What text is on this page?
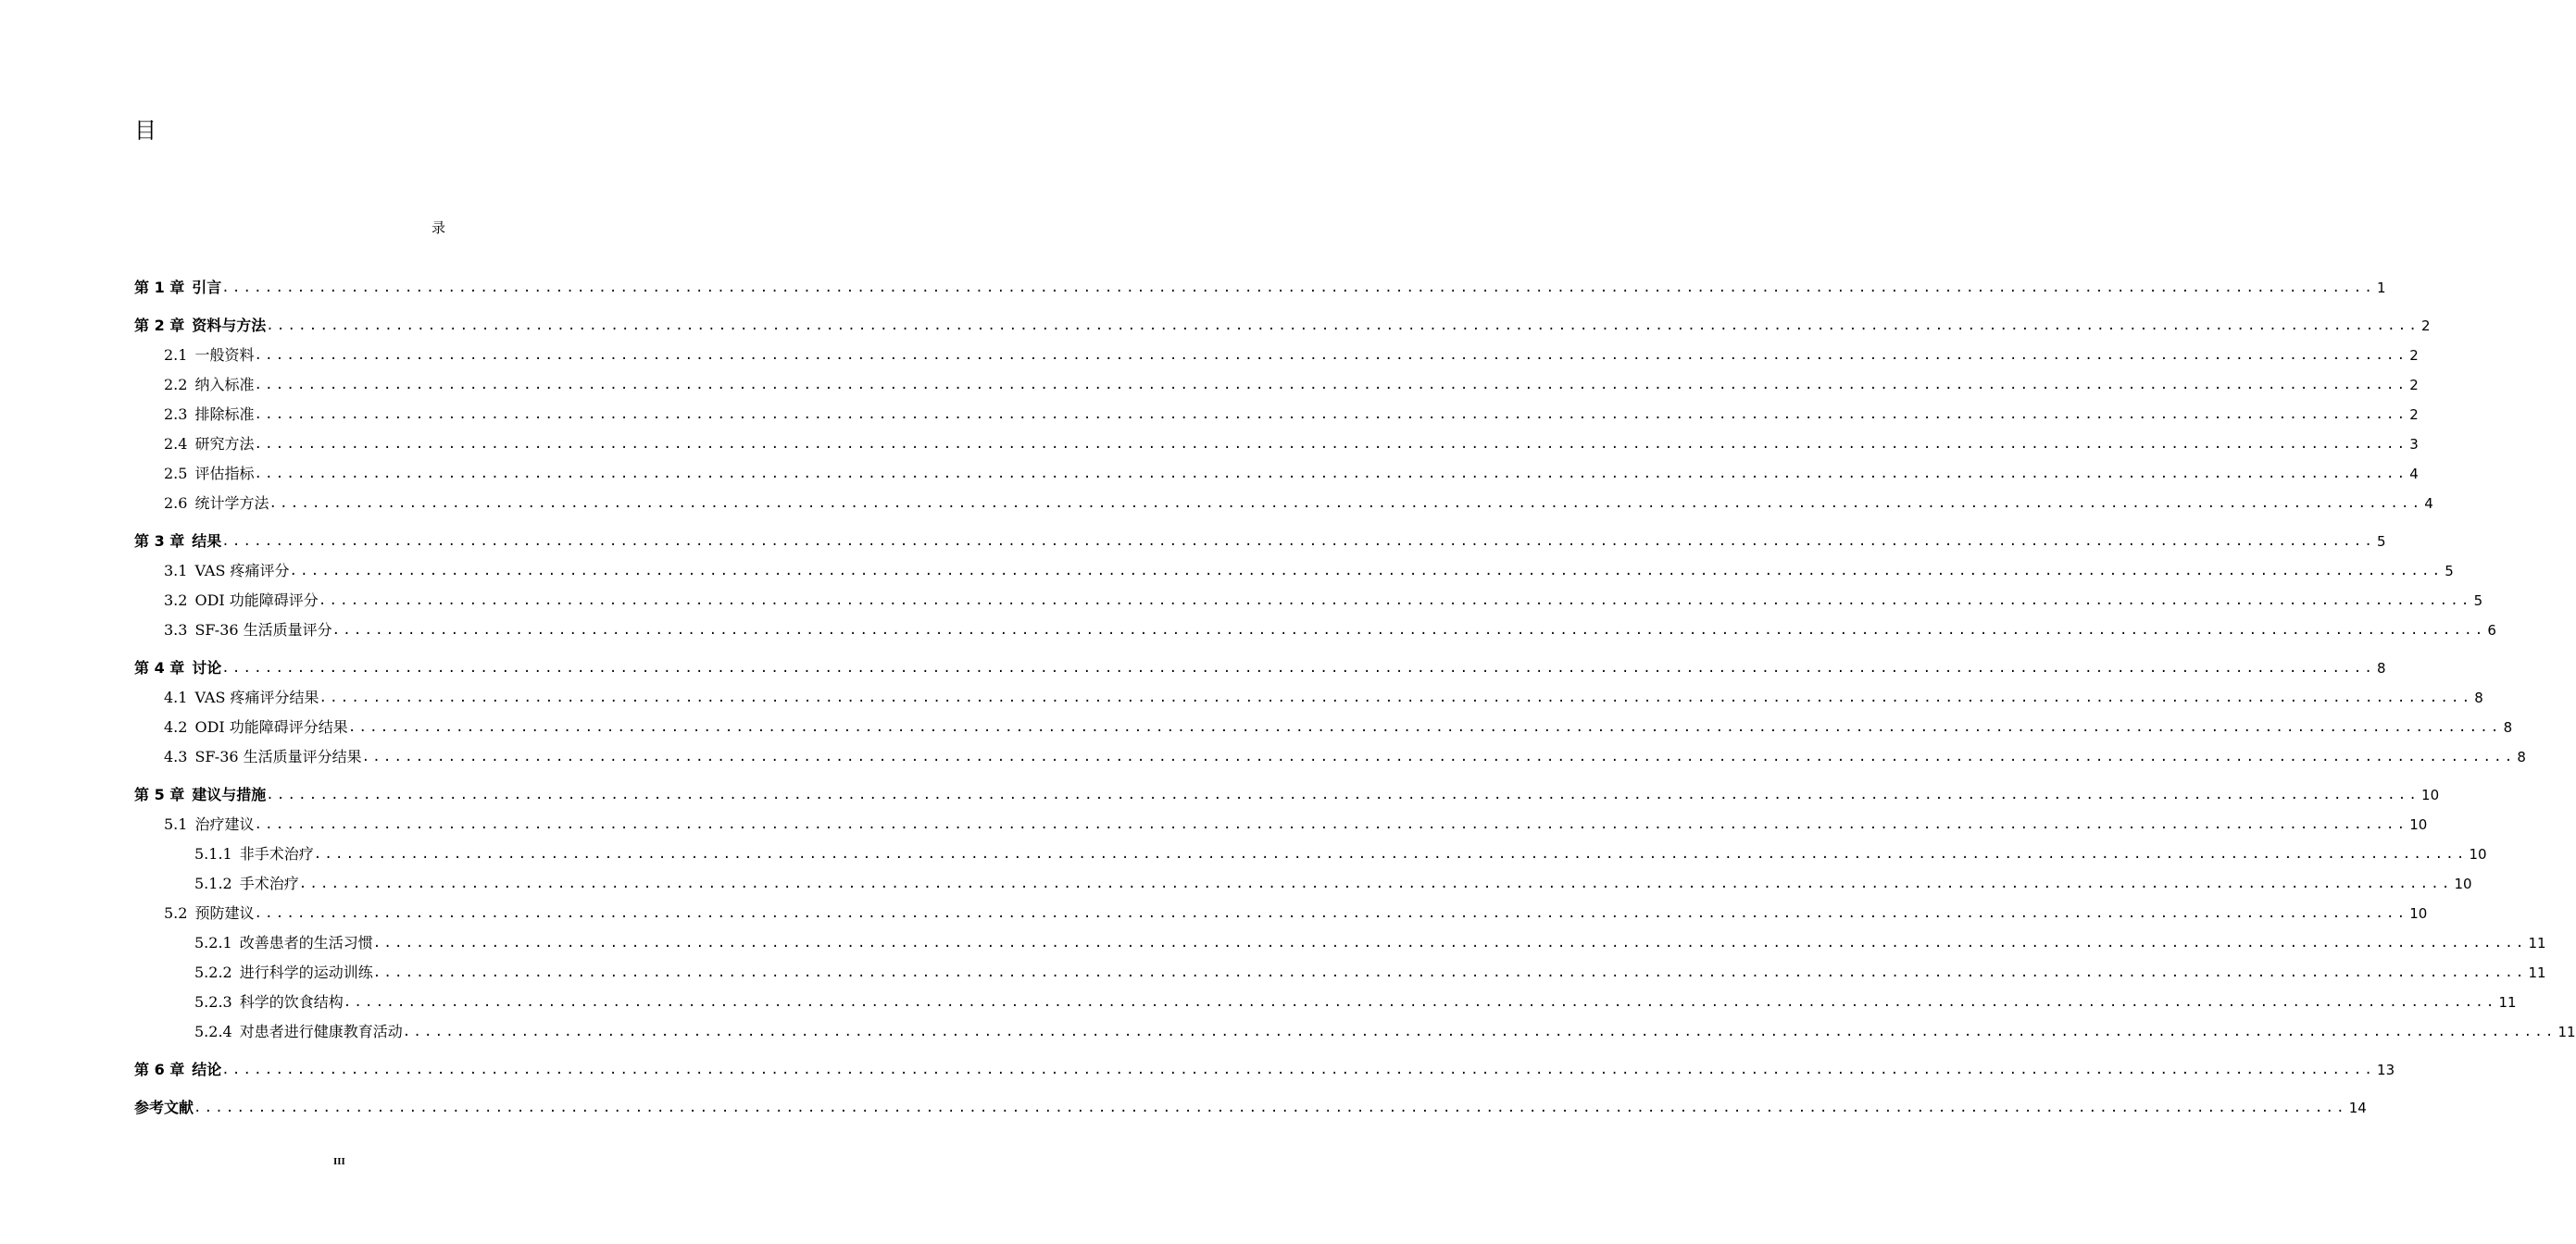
目
录
第 1 章 引言 ........................................................................................................................................................................................................ 1
第 2 章 资料与方法 ........................................................................................................................................................................................................ 2
2.1 一般资料 ........................................................................................................................................................................................................ 2
2.2 纳入标准 ........................................................................................................................................................................................................ 2
2.3 排除标准 ........................................................................................................................................................................................................ 2
2.4 研究方法 ........................................................................................................................................................................................................ 3
2.5 评估指标 ........................................................................................................................................................................................................ 4
2.6 统计学方法 ........................................................................................................................................................................................................ 4
第 3 章 结果 ........................................................................................................................................................................................................ 5
3.1 VAS 疼痛评分 ........................................................................................................................................................................................................ 5
3.2 ODI 功能障碍评分 ........................................................................................................................................................................................................ 5
3.3 SF-36 生活质量评分 ........................................................................................................................................................................................................ 6
第 4 章 讨论 ........................................................................................................................................................................................................ 8
4.1 VAS 疼痛评分结果 ........................................................................................................................................................................................................ 8
4.2 ODI 功能障碍评分结果 ........................................................................................................................................................................................................ 8
4.3 SF-36 生活质量评分结果 ........................................................................................................................................................................................................ 8
第 5 章 建议与措施 ........................................................................................................................................................................................................ 10
5.1 治疗建议 ........................................................................................................................................................................................................ 10
5.1.1 非手术治疗 ........................................................................................................................................................................................................ 10
5.1.2 手术治疗 ........................................................................................................................................................................................................ 10
5.2 预防建议 ........................................................................................................................................................................................................ 10
5.2.1 改善患者的生活习惯 ........................................................................................................................................................................................................ 11
5.2.2 进行科学的运动训练 ........................................................................................................................................................................................................ 11
5.2.3 科学的饮食结构 ........................................................................................................................................................................................................ 11
5.2.4 对患者进行健康教育活动 ........................................................................................................................................................................................................ 11
第 6 章 结论 ........................................................................................................................................................................................................ 13
参考文献 ........................................................................................................................................................................................................ 14
III
